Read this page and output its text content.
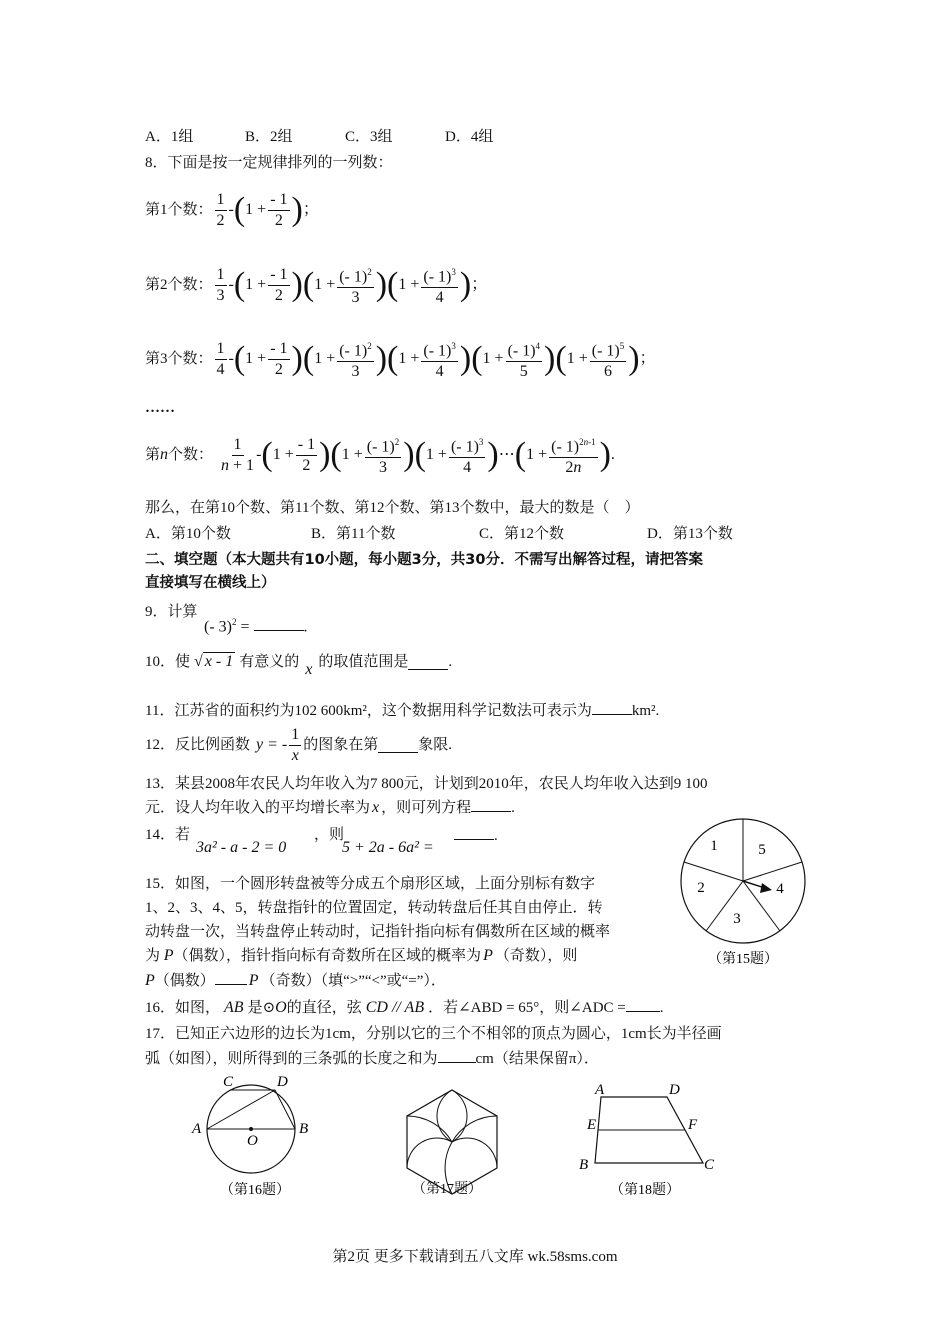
A．1组	B．2组	C．3组	D．4组
8．下面是按一定规律排列的一列数：
第1个数： $\frac{1}{2}$ - ( $1 + \frac{- 1}{2}$ ) ；
第2个数： $\frac{1}{3}$ - ( $1 + \frac{- 1}{2}$ ) ( $1 + \frac{(- 1)^2}{3}$ ) ( $1 + \frac{(- 1)^3}{4}$ ) ；
第3个数： $\frac{1}{4}$ - ( $1 + \frac{- 1}{2}$ ) ( $1 + \frac{(- 1)^2}{3}$ ) ( $1 + \frac{(- 1)^3}{4}$ ) ( $1 + \frac{(- 1)^4}{5}$ ) ( $1 + \frac{(- 1)^5}{6}$ ) ；
……
第 n 个数： $\frac{1}{n + 1}$ - ( $1 + \frac{- 1}{2}$ ) ( $1 + \frac{(- 1)^2}{3}$ ) ( $1 + \frac{(- 1)^3}{4}$ ) ⋯ ( $1 + \frac{(- 1)^{2n-1}}{2n}$ ) .
那么，在第10个数、第11个数、第12个数、第13个数中，最大的数是（　）
A．第10个数	B．第11个数	C．第12个数	D．第13个数
二、填空题（本大题共有10小题，每小题3分，共30分．不需写出解答过程，请把答案
直接填写在横线上）
9．计算
(- 3)$^2$ =	.
10．使 √ x - 1 有意义的 x 的取值范围是	.
11．江苏省的面积约为102 600km²，这个数据用科学记数法可表示为	km².
12．反比例函数 y = - $\frac{1}{x}$ 的图象在第	象限.
13．某县2008年农民人均年收入为7 800元，计划到2010年，农民人均年收入达到9 100
元．设人均年收入的平均增长率为 x ，则可列方程	.
14．若
3a² - a - 2 = 0
，则
5 + 2a - 6a² =
.
15．如图，一个圆形转盘被等分成五个扇形区域，上面分别标有数字
1、2、3、4、5，转盘指针的位置固定，转动转盘后任其自由停止．转
动转盘一次，当转盘停止转动时，记指针指向标有偶数所在区域的概率
为 P（偶数），指针指向标有奇数所在区域的概率为 P （奇数），则
P（偶数） P （奇数）（填“>”“<”或“=”）．
1	5
2	4
3
（第15题）
16．如图， AB 是⊙O的直径，弦 CD // AB ．若∠ABD = 65°，则∠ADC = .
17．已知正六边形的边长为1cm，分别以它的三个不相邻的顶点为圆心，1cm长为半径画
弧（如图），则所得到的三条弧的长度之和为	cm（结果保留π）．
C	D
A
O
B
（第16题）	（第17题）
A	D
E	F
B	C
（第18题）
第2页 更多下载请到五八文库 wk.58sms.com
